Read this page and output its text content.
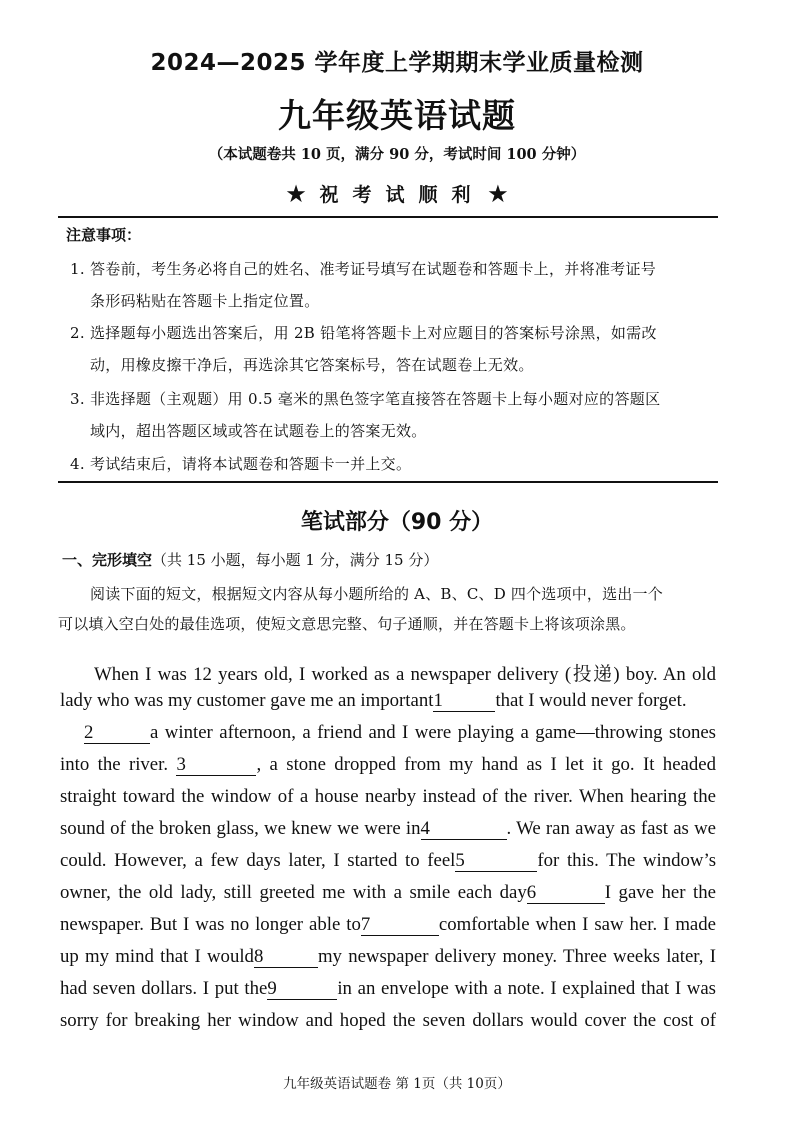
2024—2025 学年度上学期期末学业质量检测
九年级英语试题
（本试题卷共 10 页，满分 90 分，考试时间 100 分钟）
★ 祝考试顺利 ★
注意事项：
1. 答卷前，考生务必将自己的姓名、准考证号填写在试题卷和答题卡上，并将准考证号
条形码粘贴在答题卡上指定位置。
2. 选择题每小题选出答案后，用 2B 铅笔将答题卡上对应题目的答案标号涂黑，如需改
动，用橡皮擦干净后，再选涂其它答案标号，答在试题卷上无效。
3. 非选择题（主观题）用 0.5 毫米的黑色签字笔直接答在答题卡上每小题对应的答题区
域内，超出答题区域或答在试题卷上的答案无效。
4. 考试结束后，请将本试题卷和答题卡一并上交。
笔试部分（90 分）
一、完形填空（共 15 小题，每小题 1 分，满分 15 分）
阅读下面的短文，根据短文内容从每小题所给的 A、B、C、D 四个选项中，选出一个
可以填入空白处的最佳选项，使短文意思完整、句子通顺，并在答题卡上将该项涂黑。
When I was 12 years old, I worked as a newspaper delivery (投递) boy. An old
lady who was my customer gave me an important1	that I would never forget.
2	a winter afternoon, a friend and I were playing a game—throwing stones
into the river. 3	, a stone dropped from my hand as I let it go. It headed
straight toward the window of a house nearby instead of the river. When hearing the
sound of the broken glass, we knew we were in4	. We ran away as fast as we
could. However, a few days later, I started to feel5	for this. The window’s
owner, the old lady, still greeted me with a smile each day6	I gave her the
newspaper. But I was no longer able to7	comfortable when I saw her. I made
up my mind that I would8	my newspaper delivery money. Three weeks later, I
had seven dollars. I put the9	in an envelope with a note. I explained that I was
sorry for breaking her window and hoped the seven dollars would cover the cost of
九年级英语试题卷 第 1页（共 10页）
